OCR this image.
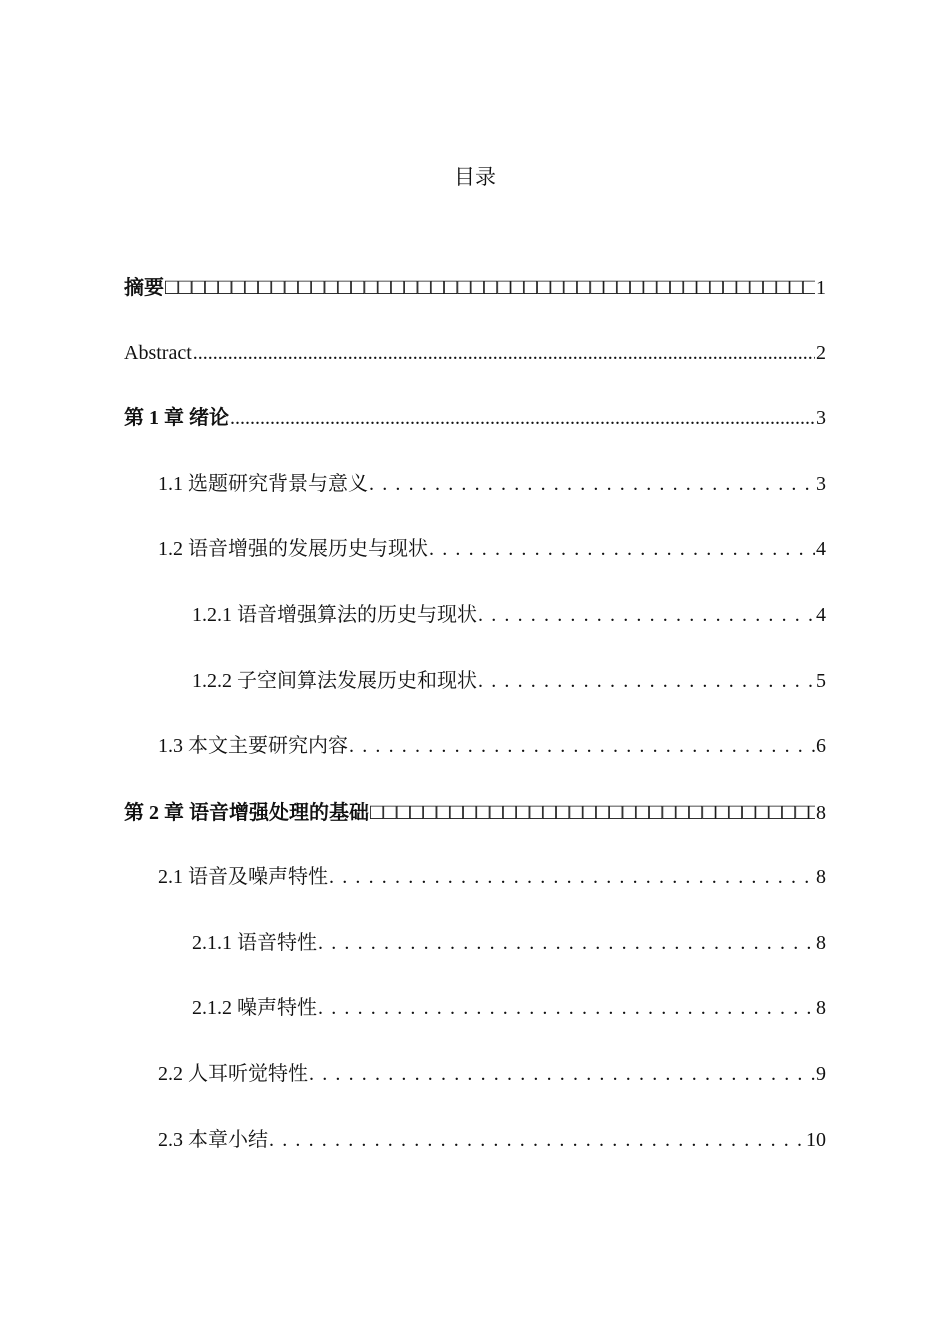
目录
摘要 □□□□□□□□□□□□□□□□□□□□□□□□□□□□□□□□□□□□□□□□□□□□□□□□□□□□□□	1
Abstract .....	2
第 1 章 绪论 .....	3
1.1 选题研究背景与意义 . . .	3
1.2 语音增强的发展历史与现状 . . .	4
1.2.1 语音增强算法的历史与现状 . . .	4
1.2.2 子空间算法发展历史和现状 . . .	5
1.3 本文主要研究内容 . . .	6
第 2 章 语音增强处理的基础 □□□□□□□□□□□□□□□□□□□□□□□□□□□□□□□□□□□□□□□□□□□□□□□□□□□□□□	8
2.1 语音及噪声特性 . . .	8
2.1.1 语音特性 . . .	8
2.1.2 噪声特性 . . .	8
2.2 人耳听觉特性 . . .	9
2.3 本章小结 . . .	10
